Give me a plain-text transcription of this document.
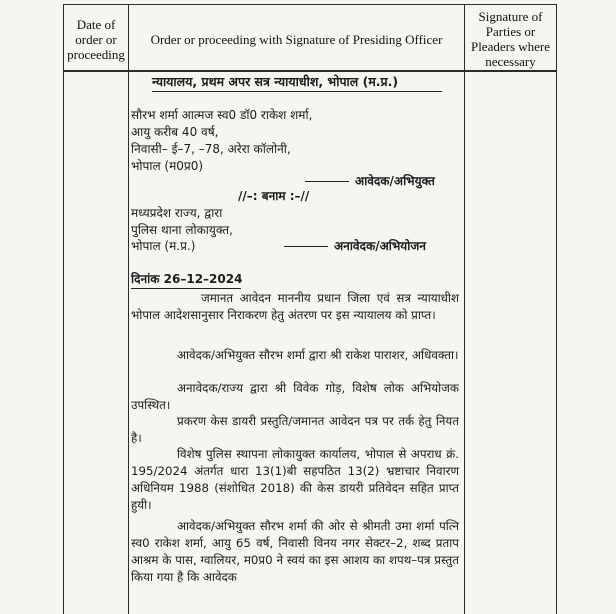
Date of order or proceeding
Order or proceeding with Signature of Presiding Officer
Signature of Parties or Pleaders where necessary
न्यायालय, प्रथम अपर सत्र न्यायाधीश, भोपाल (म.प्र.)
सौरभ शर्मा आत्मज स्व0 डॉ0 राकेश शर्मा,
आयु करीब 40 वर्ष,
निवासी– ई–7, –78, अरेरा कॉलोनी,
भोपाल (म0प्र0)
आवेदक/अभियुक्त
//–: बनाम :–//
मध्यप्रदेश राज्य, द्वारा
पुलिस थाना लोकायुक्त,
भोपाल (म.प्र.)	अनावेदक/अभियोजन
दिनांक 26–12–2024
जमानत आवेदन माननीय प्रधान जिला एवं सत्र न्यायाधीश भोपाल आदेशसानुसार निराकरण हेतु अंतरण पर इस न्यायालय को प्राप्त।
आवेदक/अभियुक्त सौरभ शर्मा द्वारा श्री राकेश पाराशर, अधिवक्ता।
अनावेदक/राज्य द्वारा श्री विवेक गोड़, विशेष लोक अभियोजक उपस्थित।
प्रकरण केस डायरी प्रस्तुति/जमानत आवेदन पत्र पर तर्क हेतु नियत है।
विशेष पुलिस स्थापना लोकायुक्त कार्यालय, भोपाल से अपराध क्रं. 195/2024 अंतर्गत धारा 13(1)बी सहपठित 13(2) भ्रष्टाचार निवारण अधिनियम 1988 (संशोधित 2018) की केस डायरी प्रतिवेदन सहित प्राप्त हुयी।
आवेदक/अभियुक्त सौरभ शर्मा की ओर से श्रीमती उमा शर्मा पत्नि स्व0 राकेश शर्मा, आयु 65 वर्ष, निवासी विनय नगर सेक्टर–2, शब्द प्रताप आश्रम के पास, ग्वालियर, म0प्र0 ने स्वयं का इस आशय का शपथ–पत्र प्रस्तुत किया गया है कि आवेदक
